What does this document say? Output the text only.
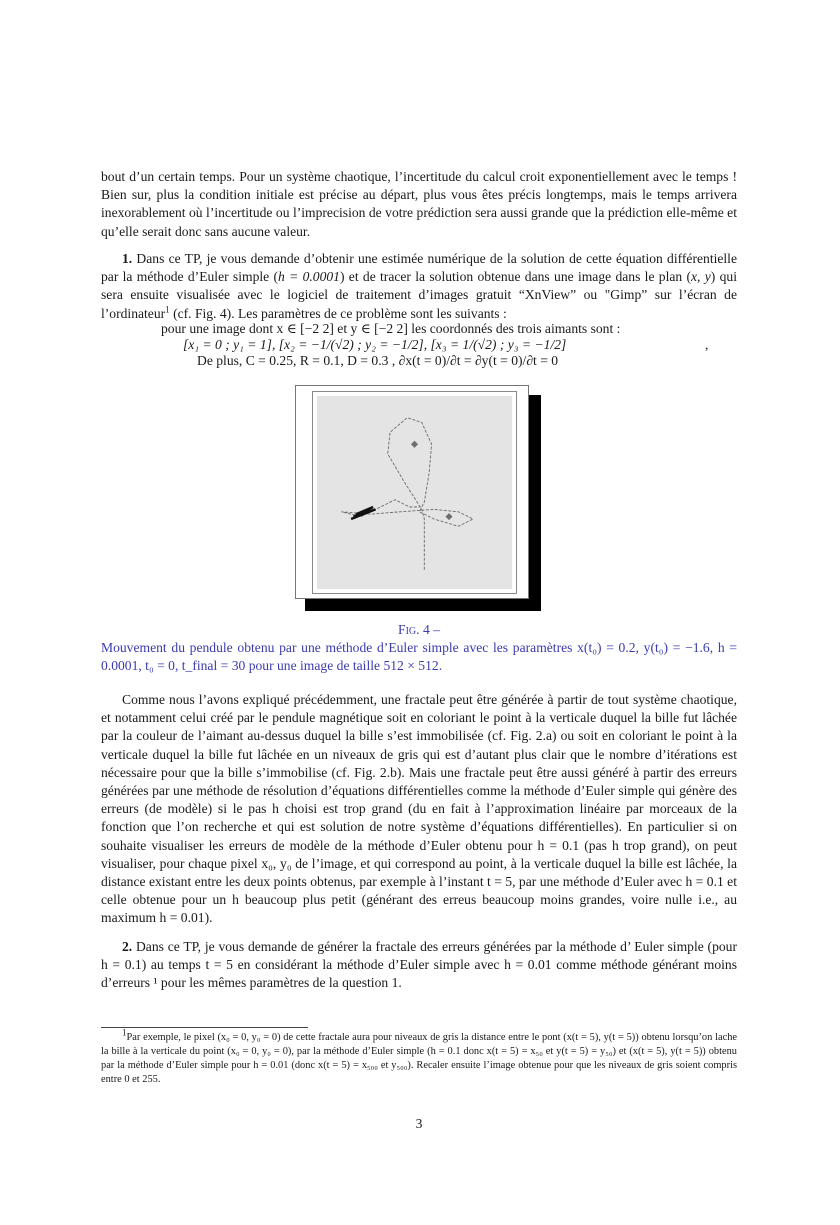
bout d’un certain temps. Pour un système chaotique, l’incertitude du calcul croit exponentiellement avec le temps ! Bien sur, plus la condition initiale est précise au départ, plus vous êtes précis longtemps, mais le temps arrivera inexorablement où l’incertitude ou l’imprecision de votre prédiction sera aussi grande que la prédiction elle-même et qu’elle serait donc sans aucune valeur.

1. Dans ce TP, je vous demande d’obtenir une estimée numérique de la solution de cette équation différentielle par la méthode d’Euler simple (h = 0.0001) et de tracer la solution obtenue dans une image dans le plan (x, y) qui sera ensuite visualisée avec le logiciel de traitement d’images gratuit “XnView” ou "Gimp” sur l’écran de l’ordinateur$^1$ (cf. Fig. 4). Les paramètres de ce problème sont les suivants :

pour une image dont x ∈ [−2 2] et y ∈ [−2 2] les coordonnés des trois aimants sont :
[x₁ = 0 ; y₁ = 1], [x₂ = −1/(√2) ; y₂ = −1/2], [x₃ = 1/(√2) ; y₃ = −1/2]	,
De plus, C = 0.25, R = 0.1, D = 0.3 , ∂x(t = 0)/∂t = ∂y(t = 0)/∂t = 0
Fig. 4 –

Mouvement du pendule obtenu par une méthode d’Euler simple avec les paramètres x(t₀) = 0.2, y(t₀) = −1.6, h = 0.0001, t₀ = 0, t_final = 30 pour une image de taille 512 × 512.

Comme nous l’avons expliqué précédemment, une fractale peut être générée à partir de tout système chaotique, et notamment celui créé par le pendule magnétique soit en coloriant le point à la verticale duquel la bille fut lâchée par la couleur de l’aimant au-dessus duquel la bille s’est immobilisée (cf. Fig. 2.a) ou soit en coloriant le point à la verticale duquel la bille fut lâchée en un niveaux de gris qui est d’autant plus clair que le nombre d’itérations est nécessaire pour que la bille s’immobilise (cf. Fig. 2.b). Mais une fractale peut être aussi généré à partir des erreurs générées par une méthode de résolution d’équations différentielles comme la méthode d’Euler simple qui génère des erreurs (de modèle) si le pas h choisi est trop grand (du en fait à l’approximation linéaire par morceaux de la fonction que l’on recherche et qui est solution de notre système d’équations différentielles). En particulier si on souhaite visualiser les erreurs de modèle de la méthode d’Euler obtenu pour h = 0.1 (pas h trop grand), on peut visualiser, pour chaque pixel x₀, y₀ de l’image, et qui correspond au point, à la verticale duquel la bille est lâchée, la distance existant entre les deux points obtenus, par exemple à l’instant t = 5, par une méthode d’Euler avec h = 0.1 et celle obtenue pour un h beaucoup plus petit (générant des erreus beaucoup moins grandes, voire nulle i.e., au maximum h = 0.01).

2. Dans ce TP, je vous demande de générer la fractale des erreurs générées par la méthode d’ Euler simple (pour h = 0.1) au temps t = 5 en considérant la méthode d’Euler simple avec h = 0.01 comme méthode générant moins d’erreurs ¹ pour les mêmes paramètres de la question 1.

$^1$Par exemple, le pixel (x₀ = 0, y₀ = 0) de cette fractale aura pour niveaux de gris la distance entre le pont (x(t = 5), y(t = 5)) obtenu lorsqu’on lache la bille à la verticale du point (x₀ = 0, y₀ = 0), par la méthode d’Euler simple (h = 0.1 donc x(t = 5) = x₅₀ et y(t = 5) = y₅₀) et (x(t = 5), y(t = 5)) obtenu par la méthode d’Euler simple pour h = 0.01 (donc x(t = 5) = x₅₀₀ et y₅₀₀). Recaler ensuite l’image obtenue pour que les niveaux de gris soient compris entre 0 et 255.

3
